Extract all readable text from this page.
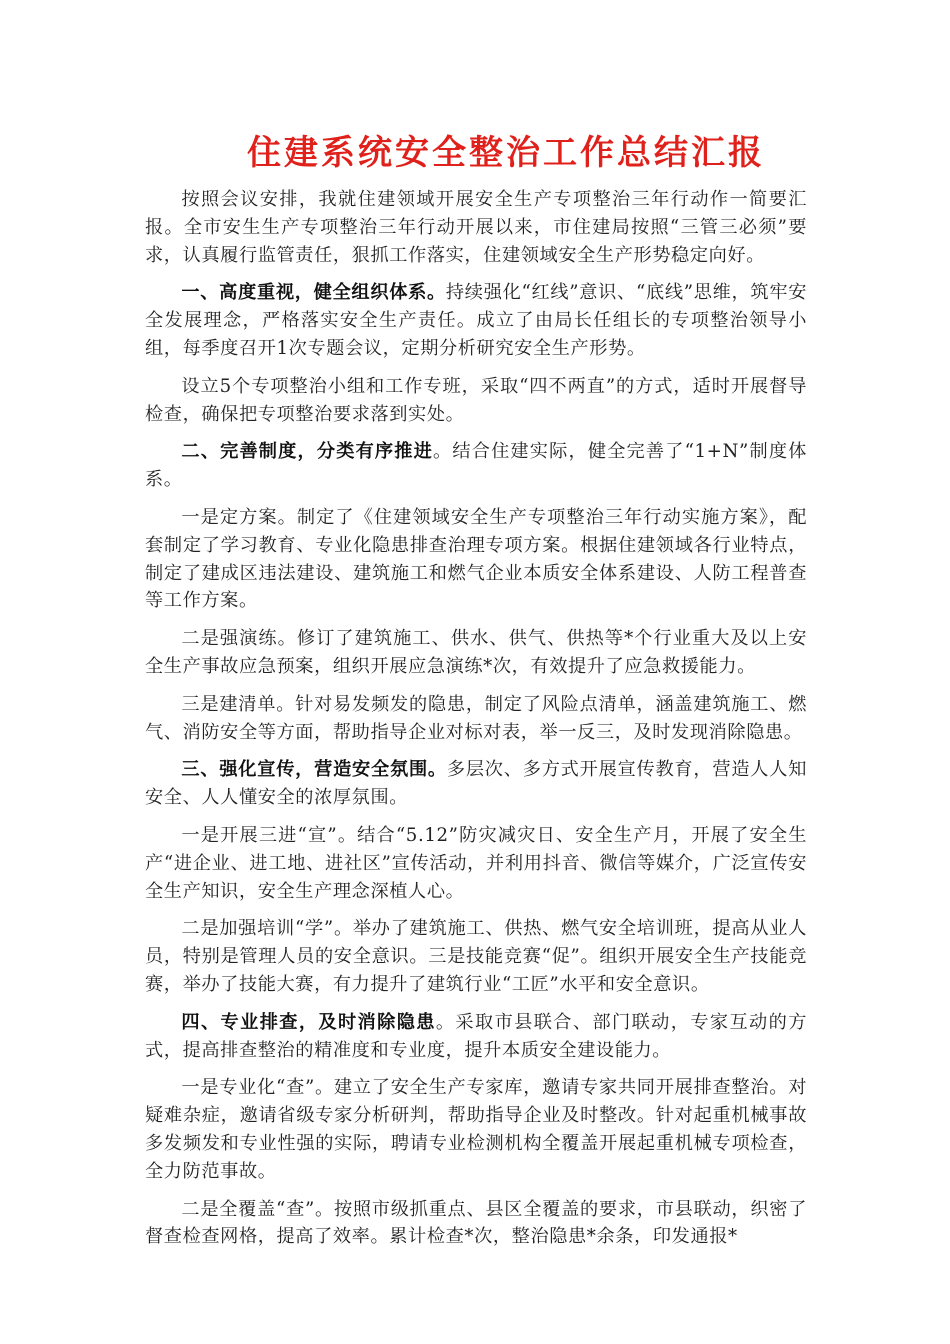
住建系统安全整治工作总结汇报

按照会议安排，我就住建领域开展安全生产专项整治三年行动作一简要汇报。全市安生生产专项整治三年行动开展以来，市住建局按照“三管三必须”要求，认真履行监管责任，狠抓工作落实，住建领域安全生产形势稳定向好。

一、高度重视，健全组织体系。持续强化“红线”意识、“底线”思维，筑牢安全发展理念，严格落实安全生产责任。成立了由局长任组长的专项整治领导小组，每季度召开1次专题会议，定期分析研究安全生产形势。

设立5个专项整治小组和工作专班，采取“四不两直”的方式，适时开展督导检查，确保把专项整治要求落到实处。

二、完善制度，分类有序推进。结合住建实际，健全完善了“1+N”制度体系。

一是定方案。制定了《住建领域安全生产专项整治三年行动实施方案》，配套制定了学习教育、专业化隐患排查治理专项方案。根据住建领域各行业特点，制定了建成区违法建设、建筑施工和燃气企业本质安全体系建设、人防工程普查等工作方案。

二是强演练。修订了建筑施工、供水、供气、供热等*个行业重大及以上安全生产事故应急预案，组织开展应急演练*次，有效提升了应急救援能力。

三是建清单。针对易发频发的隐患，制定了风险点清单，涵盖建筑施工、燃气、消防安全等方面，帮助指导企业对标对表，举一反三，及时发现消除隐患。

三、强化宣传，营造安全氛围。多层次、多方式开展宣传教育，营造人人知安全、人人懂安全的浓厚氛围。

一是开展三进“宣”。结合“5.12”防灾减灾日、安全生产月，开展了安全生产“进企业、进工地、进社区”宣传活动，并利用抖音、微信等媒介，广泛宣传安全生产知识，安全生产理念深植人心。

二是加强培训“学”。举办了建筑施工、供热、燃气安全培训班，提高从业人员，特别是管理人员的安全意识。三是技能竞赛“促”。组织开展安全生产技能竞赛，举办了技能大赛，有力提升了建筑行业“工匠”水平和安全意识。

四、专业排查，及时消除隐患。采取市县联合、部门联动，专家互动的方式，提高排查整治的精准度和专业度，提升本质安全建设能力。

一是专业化“查”。建立了安全生产专家库，邀请专家共同开展排查整治。对疑难杂症，邀请省级专家分析研判，帮助指导企业及时整改。针对起重机械事故多发频发和专业性强的实际，聘请专业检测机构全覆盖开展起重机械专项检查，全力防范事故。

二是全覆盖“查”。按照市级抓重点、县区全覆盖的要求，市县联动，织密了督查检查网格，提高了效率。累计检查*次，整治隐患*余条，印发通报*
